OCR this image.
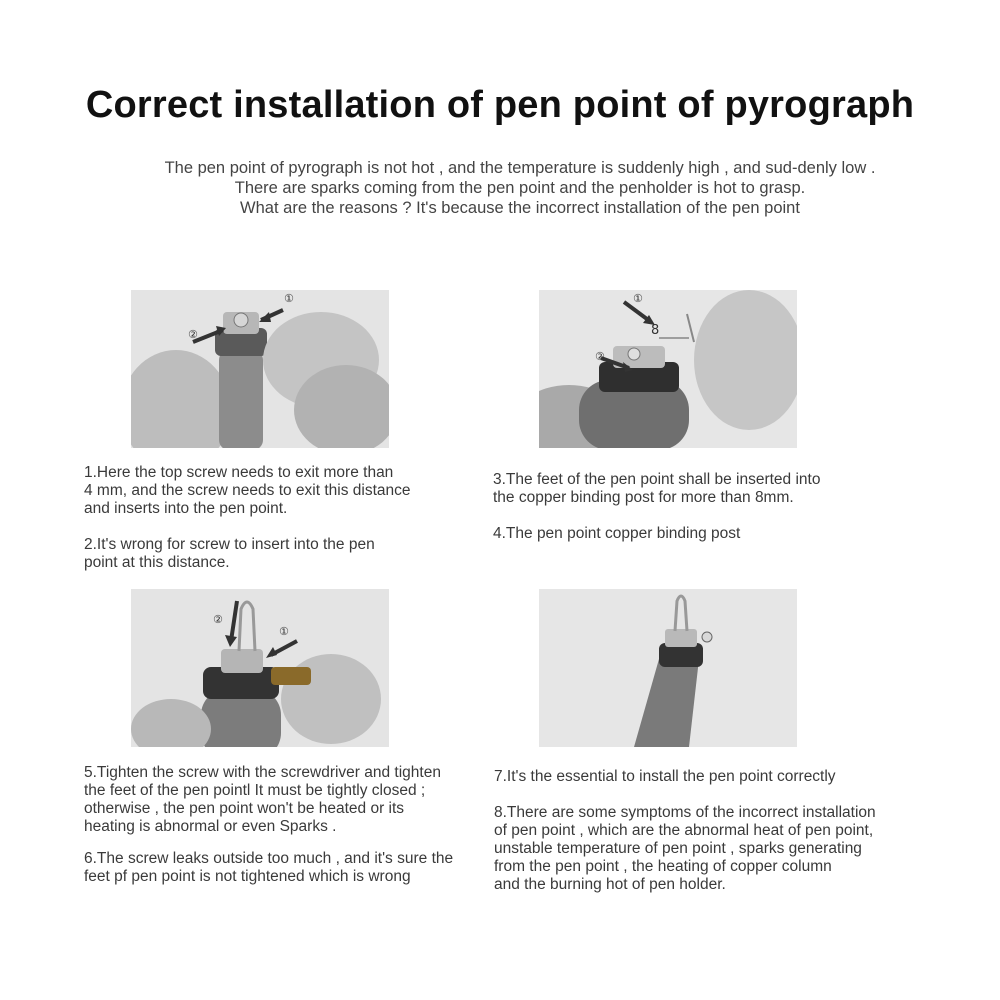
Correct installation of pen point of pyrograph
The pen point of pyrograph is not hot , and the temperature is suddenly high , and sud-denly low .
There are sparks coming from the pen point and the penholder is hot to grasp.
What are the reasons ? It's because the incorrect installation of the pen point
①
②
①
8
②

1.Here the top screw needs to exit more than
4 mm, and the screw needs to exit this distance
and inserts into the pen point.

2.It's wrong for screw to insert into the pen
point at this distance.

3.The feet of the pen point shall be inserted into
the copper binding post for more than 8mm.

4.The pen point copper binding post

②
①

5.Tighten the screw with the screwdriver and tighten
the feet of the pen pointl It must be tightly closed ;
otherwise , the pen point won't be heated or its
heating is abnormal or even Sparks .

6.The screw leaks outside too much , and it's sure the
feet pf pen point is not tightened which is wrong

7.It's the essential to install the pen point correctly

8.There are some symptoms of the incorrect installation
of pen point , which are the abnormal heat of pen point,
unstable temperature of pen point , sparks generating
from the pen point , the heating of copper column
and the burning hot of pen holder.
